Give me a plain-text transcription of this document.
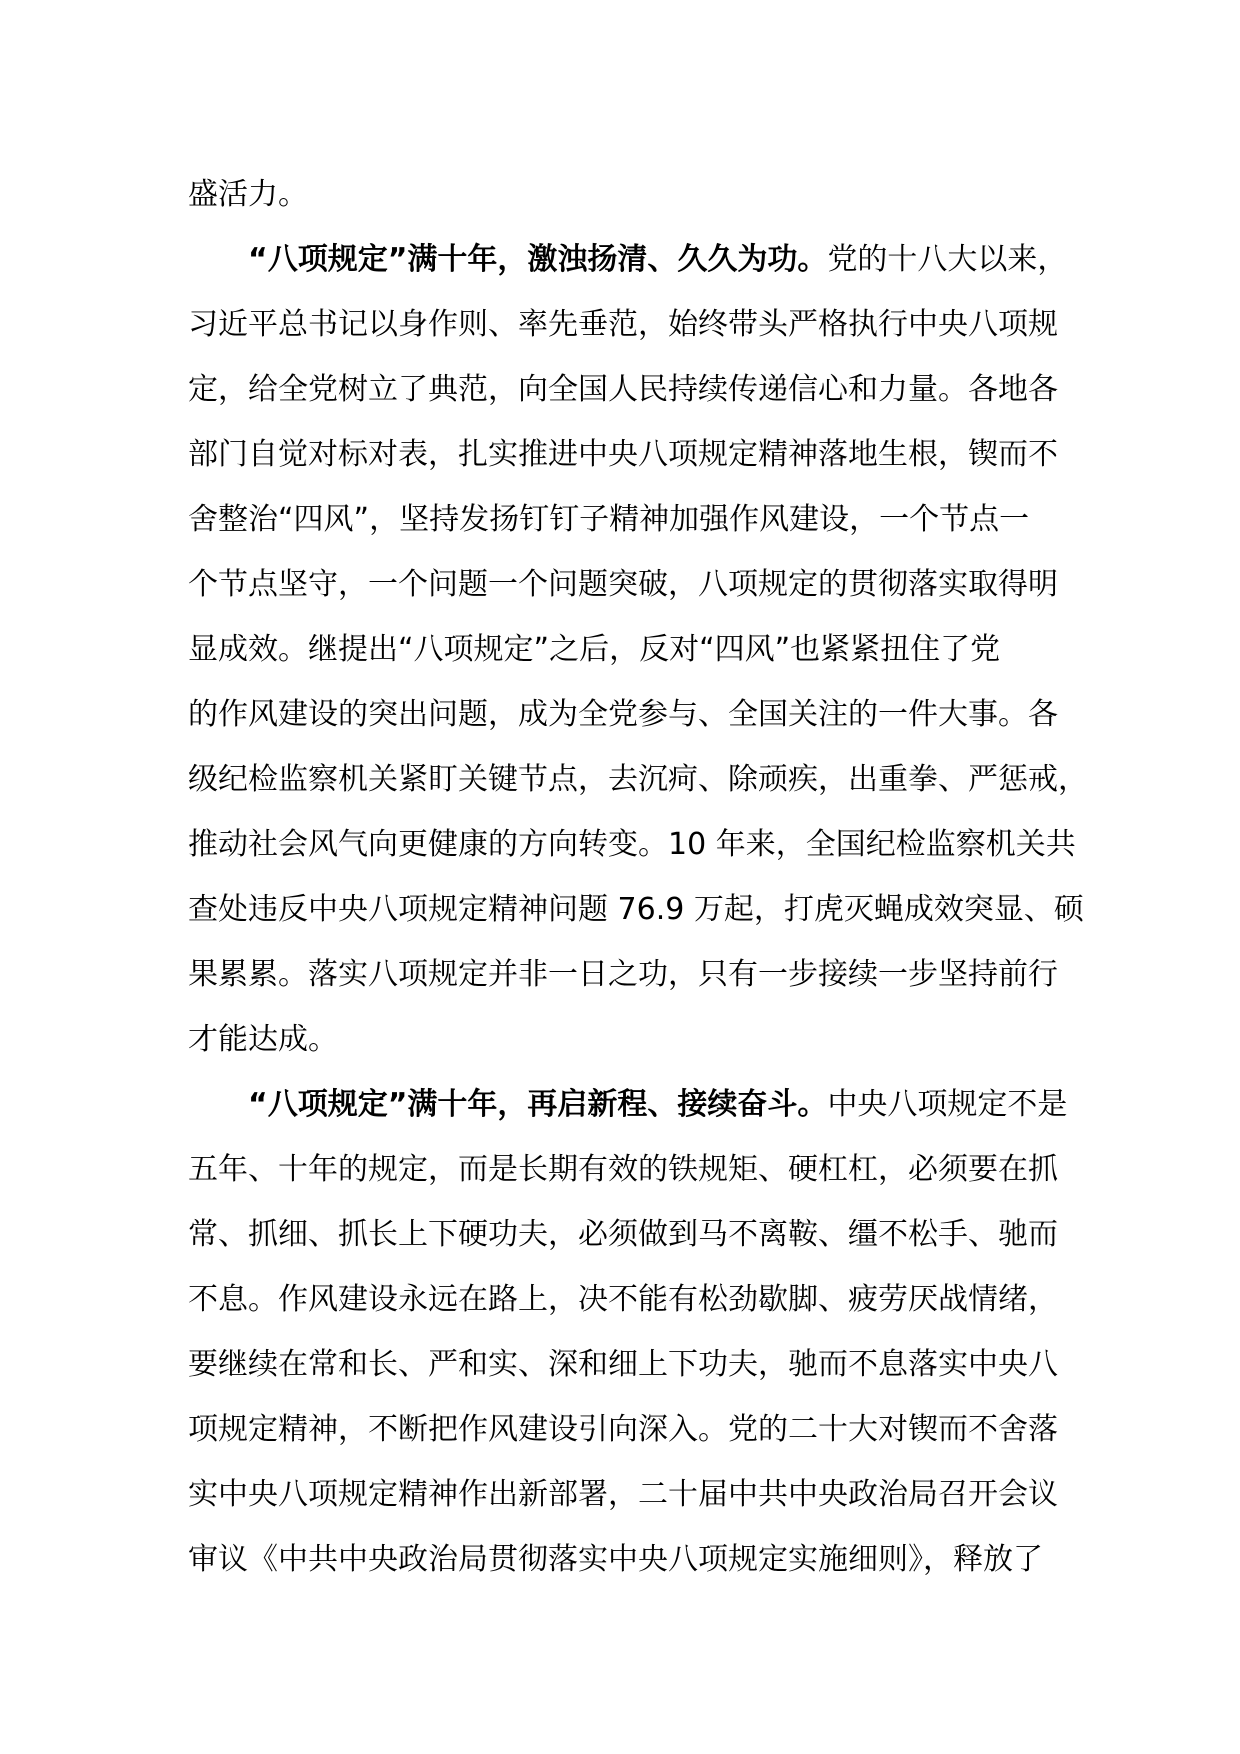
盛活力。
“八项规定”满十年，激浊扬清、久久为功。党的十八大以来，
习近平总书记以身作则、率先垂范，始终带头严格执行中央八项规
定，给全党树立了典范，向全国人民持续传递信心和力量。各地各
部门自觉对标对表，扎实推进中央八项规定精神落地生根，锲而不
舍整治“四风”，坚持发扬钉钉子精神加强作风建设，一个节点一
个节点坚守，一个问题一个问题突破，八项规定的贯彻落实取得明
显成效。继提出“八项规定”之后，反对“四风”也紧紧扭住了党
的作风建设的突出问题，成为全党参与、全国关注的一件大事。各
级纪检监察机关紧盯关键节点，去沉疴、除顽疾，出重拳、严惩戒，
推动社会风气向更健康的方向转变。10 年来，全国纪检监察机关共
查处违反中央八项规定精神问题 76.9 万起，打虎灭蝇成效突显、硕
果累累。落实八项规定并非一日之功，只有一步接续一步坚持前行
才能达成。
“八项规定”满十年，再启新程、接续奋斗。中央八项规定不是
五年、十年的规定，而是长期有效的铁规矩、硬杠杠，必须要在抓
常、抓细、抓长上下硬功夫，必须做到马不离鞍、缰不松手、驰而
不息。作风建设永远在路上，决不能有松劲歇脚、疲劳厌战情绪，
要继续在常和长、严和实、深和细上下功夫，驰而不息落实中央八
项规定精神，不断把作风建设引向深入。党的二十大对锲而不舍落
实中央八项规定精神作出新部署，二十届中共中央政治局召开会议
审议《中共中央政治局贯彻落实中央八项规定实施细则》，释放了
